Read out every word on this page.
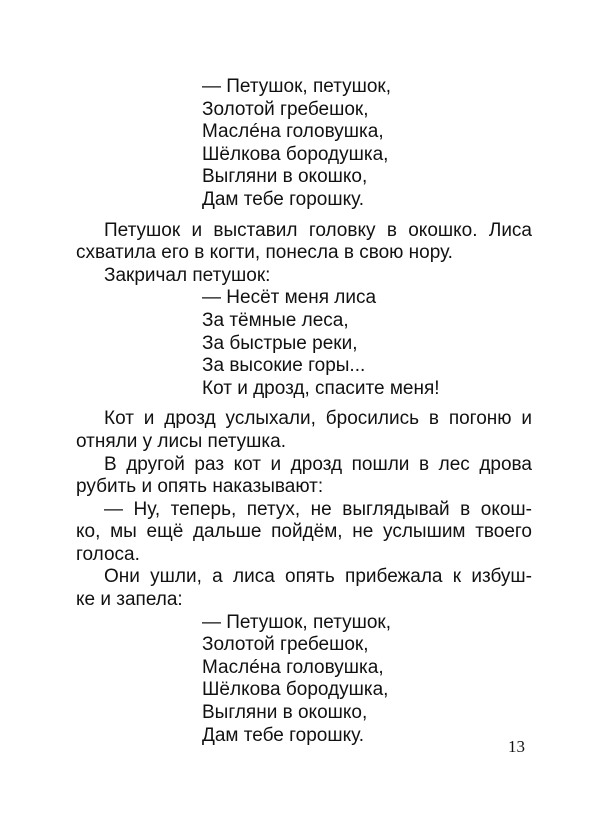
— Петушок, петушок,
Золотой гребешок,
Маслéна головушка,
Шёлкова бородушка,
Выгляни в окошко,
Дам тебе горошку.
Петушок и выставил головку в окошко. Лиса
схватила его в когти, понесла в свою нору.
Закричал петушок:
— Несёт меня лиса
За тёмные леса,
За быстрые реки,
За высокие горы...
Кот и дрозд, спасите меня!
Кот и дрозд услыхали, бросились в погоню и
отняли у лисы петушка.
В другой раз кот и дрозд пошли в лес дрова
рубить и опять наказывают:
— Ну, теперь, петух, не выглядывай в окош-
ко, мы ещё дальше пойдём, не услышим твоего
голоса.
Они ушли, а лиса опять прибежала к избуш-
ке и запела:
— Петушок, петушок,
Золотой гребешок,
Маслéна головушка,
Шёлкова бородушка,
Выгляни в окошко,
Дам тебе горошку.
13
